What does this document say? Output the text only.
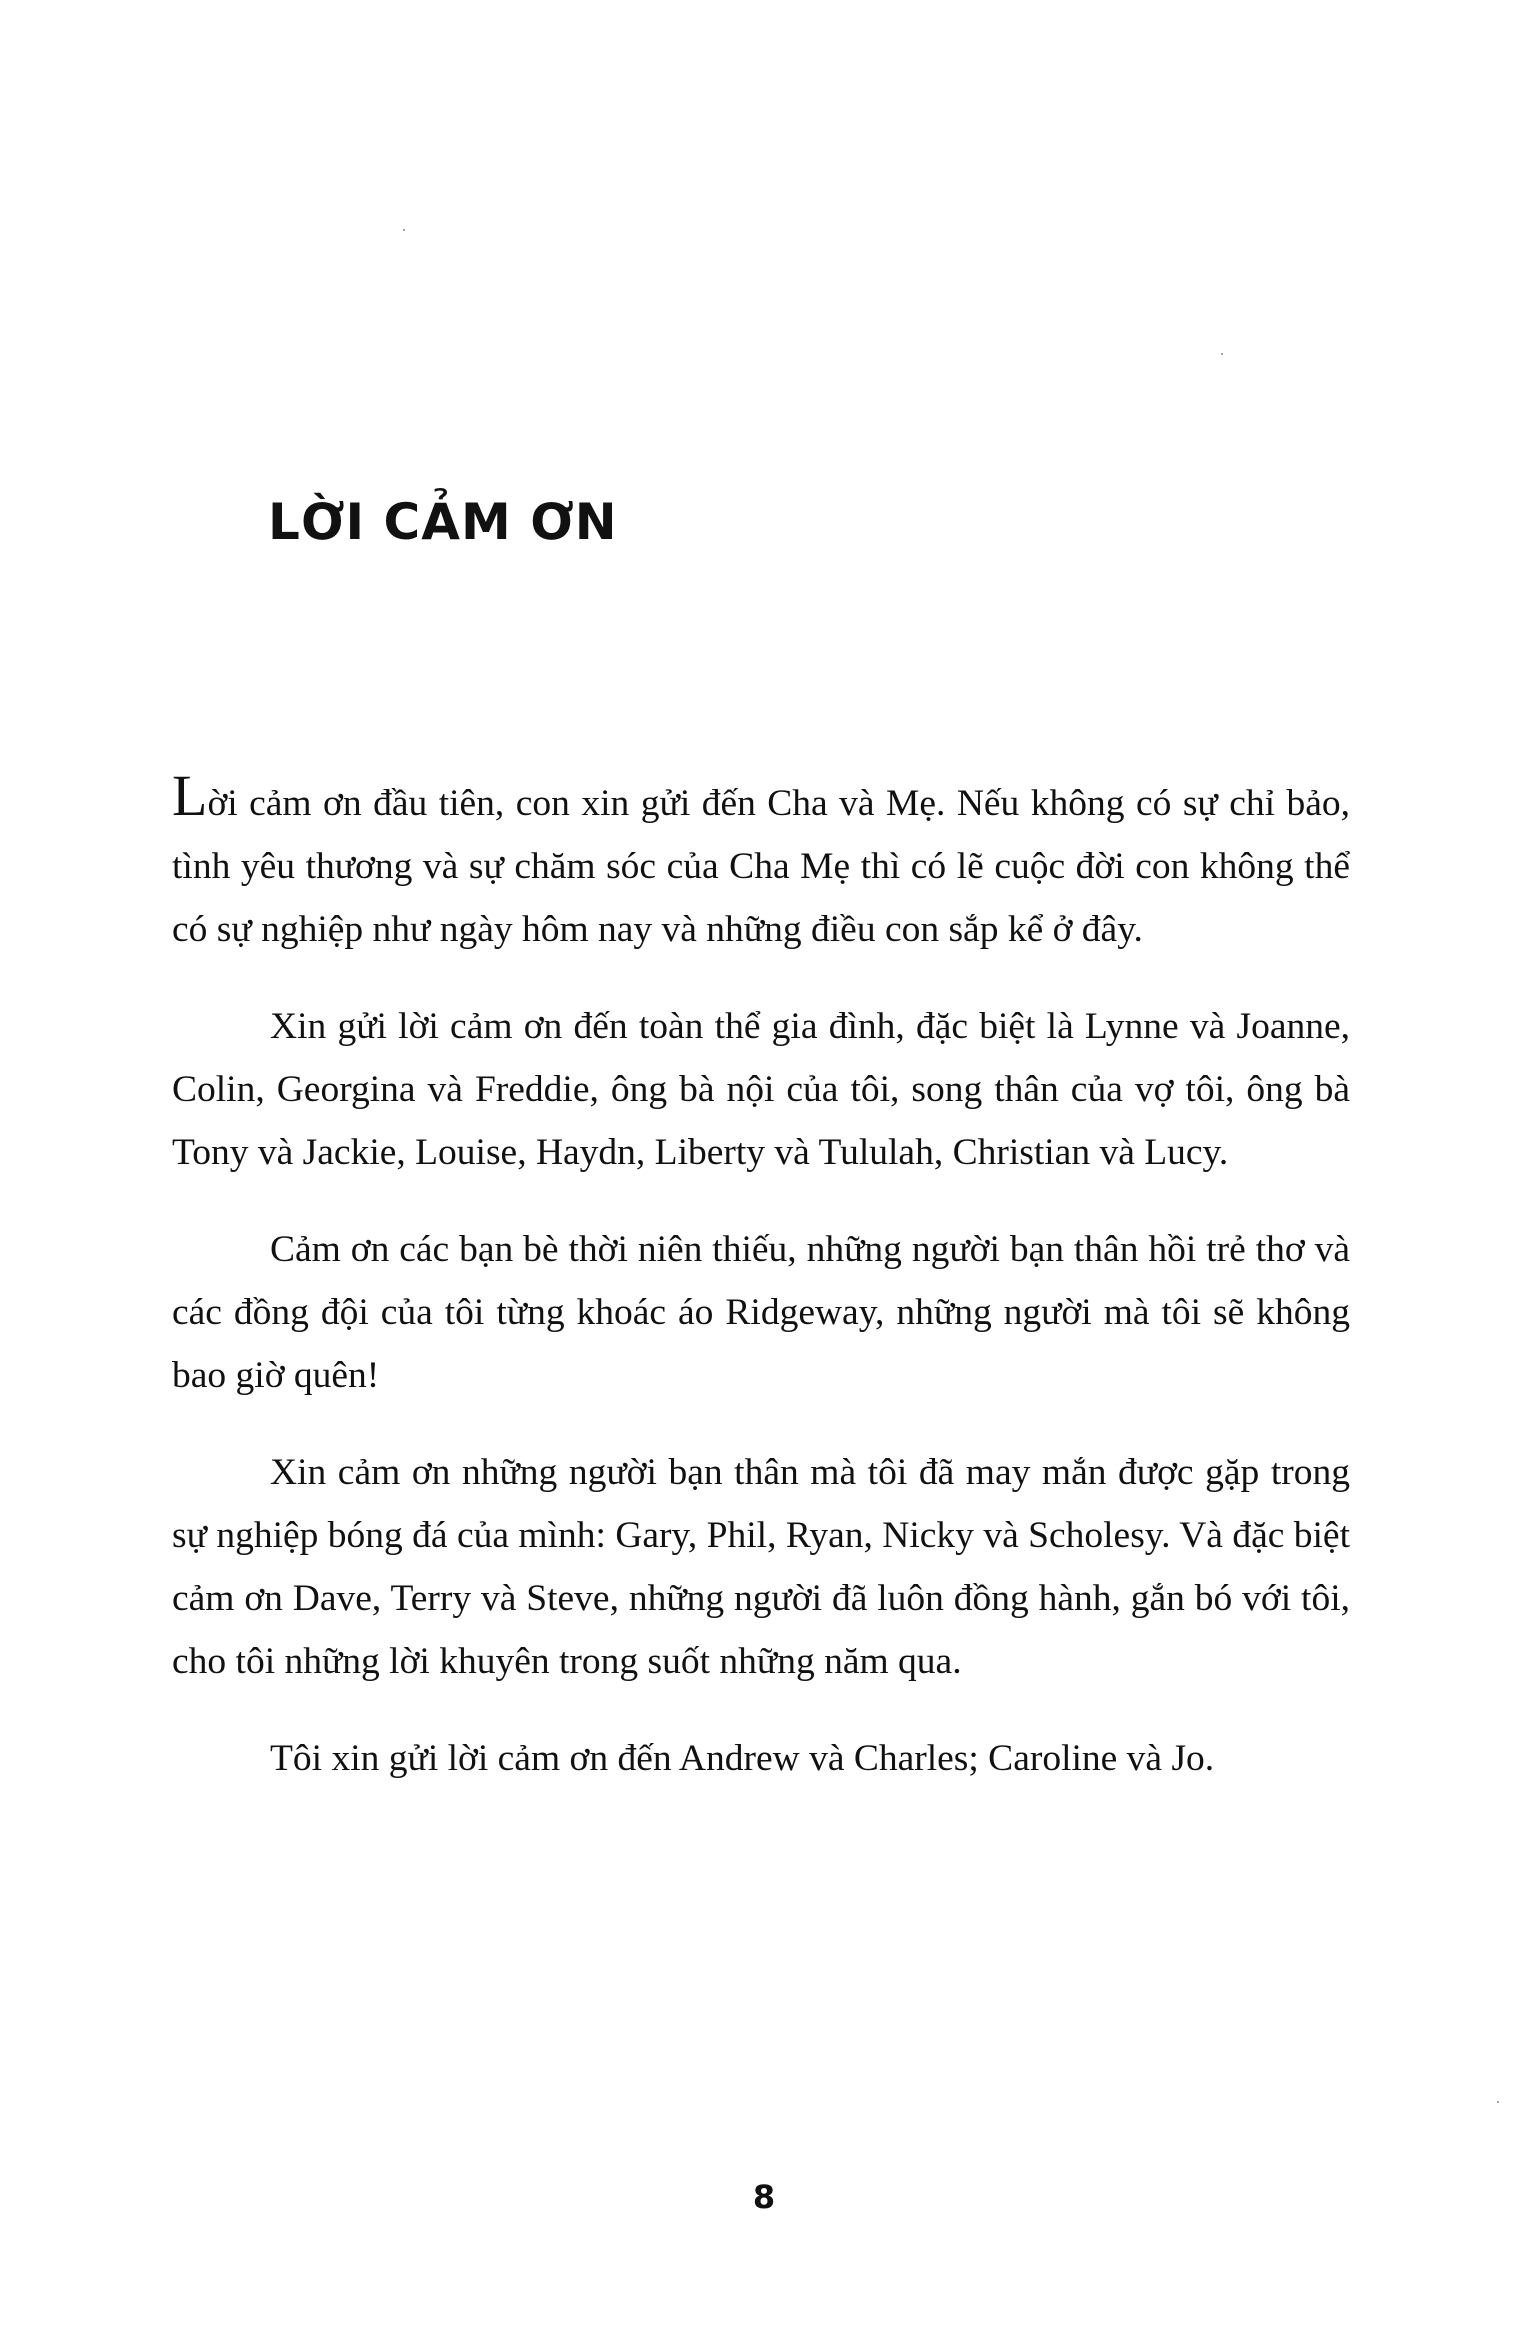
LỜI CẢM ƠN

Lời cảm ơn đầu tiên, con xin gửi đến Cha và Mẹ. Nếu không có sự chỉ bảo, tình yêu thương và sự chăm sóc của Cha Mẹ thì có lẽ cuộc đời con không thể có sự nghiệp như ngày hôm nay và những điều con sắp kể ở đây.

Xin gửi lời cảm ơn đến toàn thể gia đình, đặc biệt là Lynne và Joanne, Colin, Georgina và Freddie, ông bà nội của tôi, song thân của vợ tôi, ông bà Tony và Jackie, Louise, Haydn, Liberty và Tululah, Christian và Lucy.

Cảm ơn các bạn bè thời niên thiếu, những người bạn thân hồi trẻ thơ và các đồng đội của tôi từng khoác áo Ridgeway, những người mà tôi sẽ không bao giờ quên!

Xin cảm ơn những người bạn thân mà tôi đã may mắn được gặp trong sự nghiệp bóng đá của mình: Gary, Phil, Ryan, Nicky và Scholesy. Và đặc biệt cảm ơn Dave, Terry và Steve, những người đã luôn đồng hành, gắn bó với tôi, cho tôi những lời khuyên trong suốt những năm qua.

Tôi xin gửi lời cảm ơn đến Andrew và Charles; Caroline và Jo.

8
